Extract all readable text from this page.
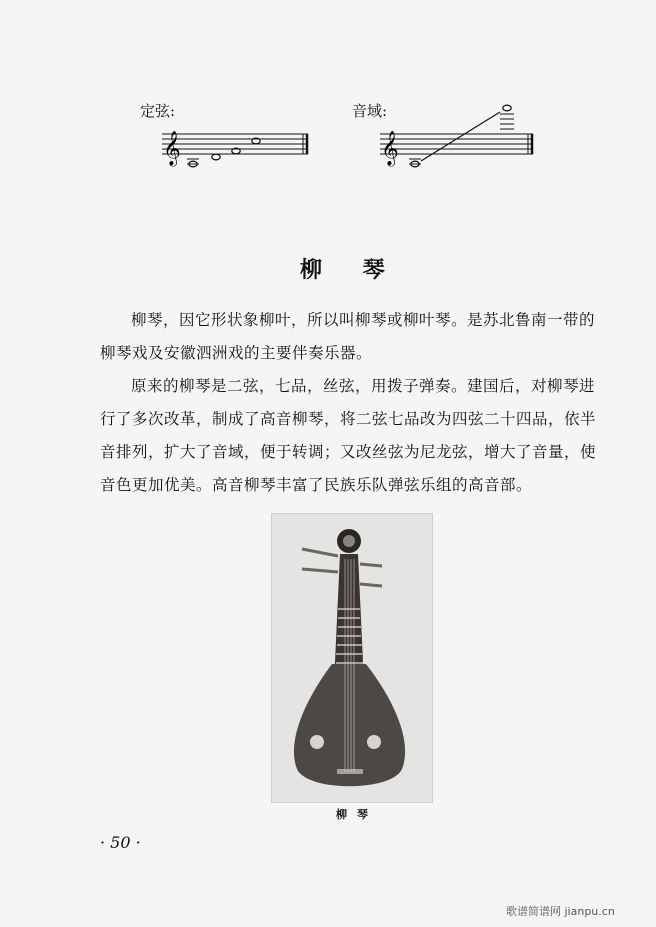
定弦:	音域:
𝄞	𝄞
柳    琴

柳琴，因它形状象柳叶，所以叫柳琴或柳叶琴。是苏北鲁南一带的柳琴戏及安徽泗洲戏的主要伴奏乐器。

原来的柳琴是二弦，七品，丝弦，用拨子弹奏。建国后，对柳琴进行了多次改革，制成了高音柳琴，将二弦七品改为四弦二十四品，依半音排列，扩大了音域，便于转调；又改丝弦为尼龙弦，增大了音量，使音色更加优美。高音柳琴丰富了民族乐队弹弦乐组的高音部。

柳 琴
· 50 ·
歌谱简谱网 jianpu.cn
